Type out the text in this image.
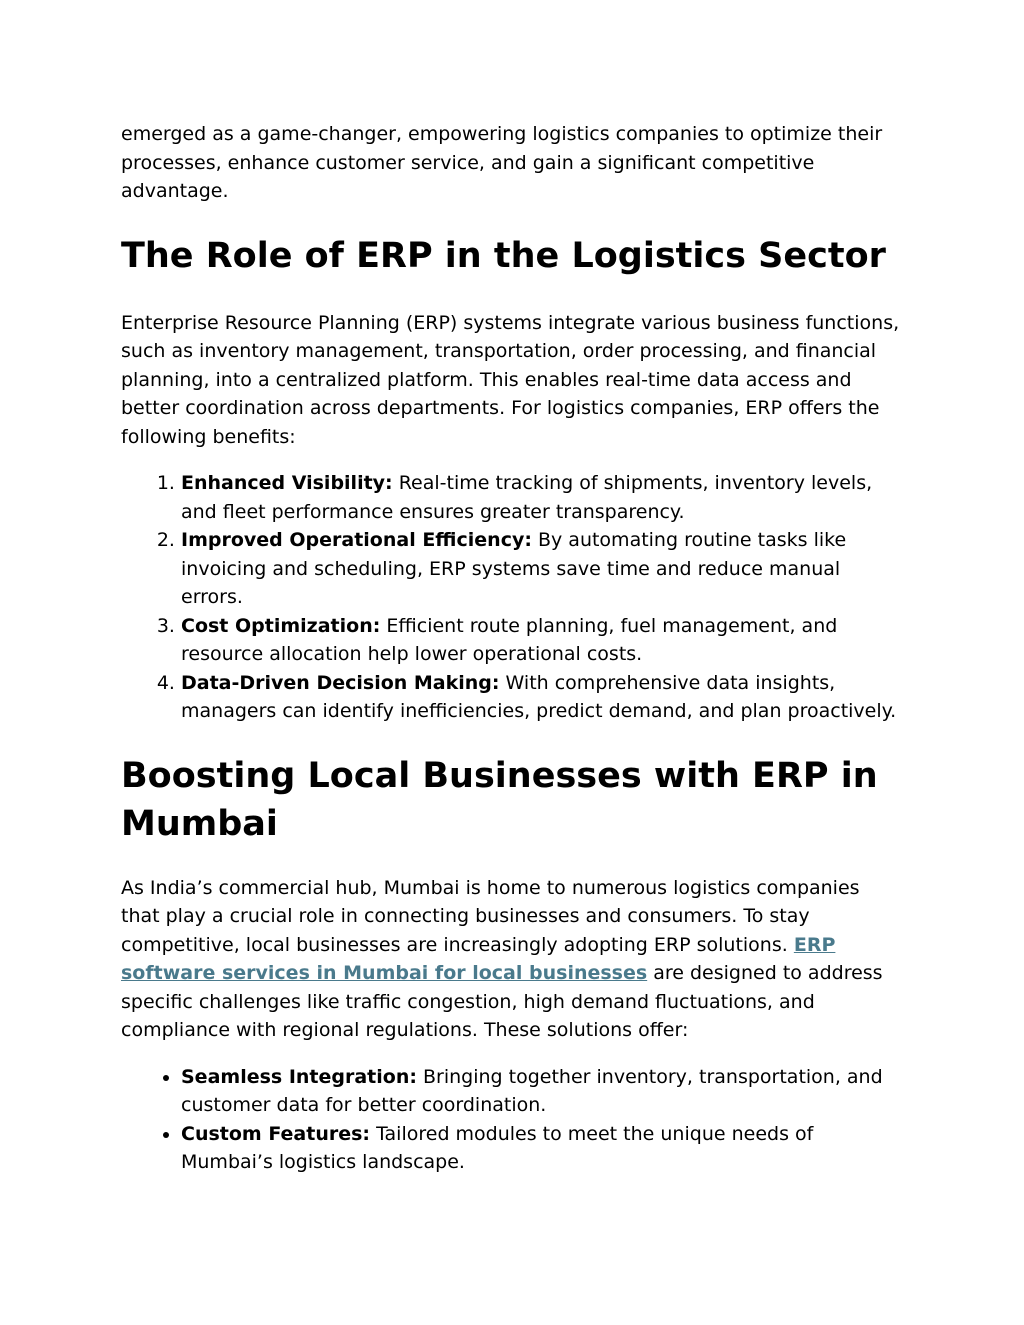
emerged as a game-changer, empowering logistics companies to optimize their processes, enhance customer service, and gain a significant competitive advantage.

The Role of ERP in the Logistics Sector

Enterprise Resource Planning (ERP) systems integrate various business functions, such as inventory management, transportation, order processing, and financial planning, into a centralized platform. This enables real-time data access and better coordination across departments. For logistics companies, ERP offers the following benefits:

1. Enhanced Visibility: Real-time tracking of shipments, inventory levels, and fleet performance ensures greater transparency.
2. Improved Operational Efficiency: By automating routine tasks like invoicing and scheduling, ERP systems save time and reduce manual errors.
3. Cost Optimization: Efficient route planning, fuel management, and resource allocation help lower operational costs.
4. Data-Driven Decision Making: With comprehensive data insights, managers can identify inefficiencies, predict demand, and plan proactively.
Boosting Local Businesses with ERP in Mumbai

As India’s commercial hub, Mumbai is home to numerous logistics companies that play a crucial role in connecting businesses and consumers. To stay competitive, local businesses are increasingly adopting ERP solutions. ERP software services in Mumbai for local businesses are designed to address specific challenges like traffic congestion, high demand fluctuations, and compliance with regional regulations. These solutions offer:

• Seamless Integration: Bringing together inventory, transportation, and customer data for better coordination.
• Custom Features: Tailored modules to meet the unique needs of Mumbai’s logistics landscape.
